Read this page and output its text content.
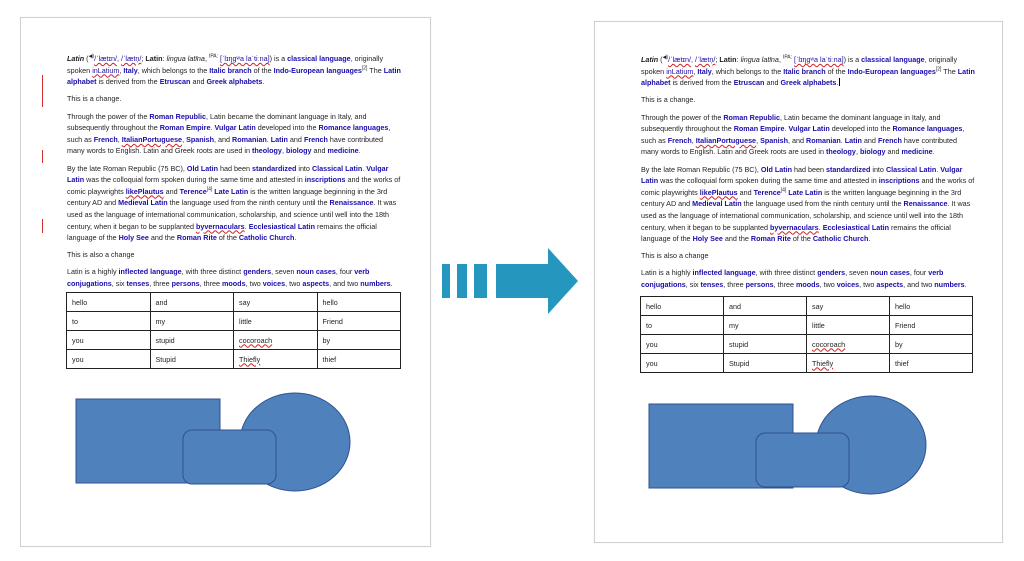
Latin (◀)/ˈlætɪn/, /ˈlætn̩/; Latin: lingua latīna, $^{IPA:}$ [ˈlɪŋɡʷa laˈtiːna]) is a classical language, originally spoken inLatium, Italy, which belongs to the Italic branch of the Indo-European languages[2] The Latin alphabet is derived from the Etruscan and Greek alphabets.

This is a change.

Through the power of the Roman Republic, Latin became the dominant language in Italy, and subsequently throughout the Roman Empire. Vulgar Latin developed into the Romance languages, such as French, ItalianPortuguese, Spanish, and Romanian. Latin and French have contributed many words to English. Latin and Greek roots are used in theology, biology and medicine.

By the late Roman Republic (75 BC), Old Latin had been standardized into Classical Latin. Vulgar Latin was the colloquial form spoken during the same time and attested in inscriptions and the works of comic playwrights likePlautus and Terence[4] Late Latin is the written language beginning in the 3rd century AD and Medieval Latin the language used from the ninth century until the Renaissance. It was used as the language of international communication, scholarship, and science until well into the 18th century, when it began to be supplanted byvernaculars. Ecclesiastical Latin remains the official language of the Holy See and the Roman Rite of the Catholic Church.

This is also a change

Latin is a highly inflected language, with three distinct genders, seven noun cases, four verb conjugations, six tenses, three persons, three moods, two voices, two aspects, and two numbers.

hello	and	say	hello
to	my	little	Friend
you	stupid	cocoroach	by
you	Stupid	Thiefly	thief

Latin (◀)/ˈlætɪn/, /ˈlætn̩/; Latin: lingua latīna, $^{IPA:}$ [ˈlɪŋɡʷa laˈtiːna]) is a classical language, originally spoken inLatium, Italy, which belongs to the Italic branch of the Indo-European languages[2] The Latin alphabet is derived from the Etruscan and Greek alphabets.

This is a change.

Through the power of the Roman Republic, Latin became the dominant language in Italy, and subsequently throughout the Roman Empire. Vulgar Latin developed into the Romance languages, such as French, ItalianPortuguese, Spanish, and Romanian. Latin and French have contributed many words to English. Latin and Greek roots are used in theology, biology and medicine.

By the late Roman Republic (75 BC), Old Latin had been standardized into Classical Latin. Vulgar Latin was the colloquial form spoken during the same time and attested in inscriptions and the works of comic playwrights likePlautus and Terence[4] Late Latin is the written language beginning in the 3rd century AD and Medieval Latin the language used from the ninth century until the Renaissance. It was used as the language of international communication, scholarship, and science until well into the 18th century, when it began to be supplanted byvernaculars. Ecclesiastical Latin remains the official language of the Holy See and the Roman Rite of the Catholic Church.

This is also a change

Latin is a highly inflected language, with three distinct genders, seven noun cases, four verb conjugations, six tenses, three persons, three moods, two voices, two aspects, and two numbers.

hello	and	say	hello
to	my	little	Friend
you	stupid	cocoroach	by
you	Stupid	Thiefly	thief
